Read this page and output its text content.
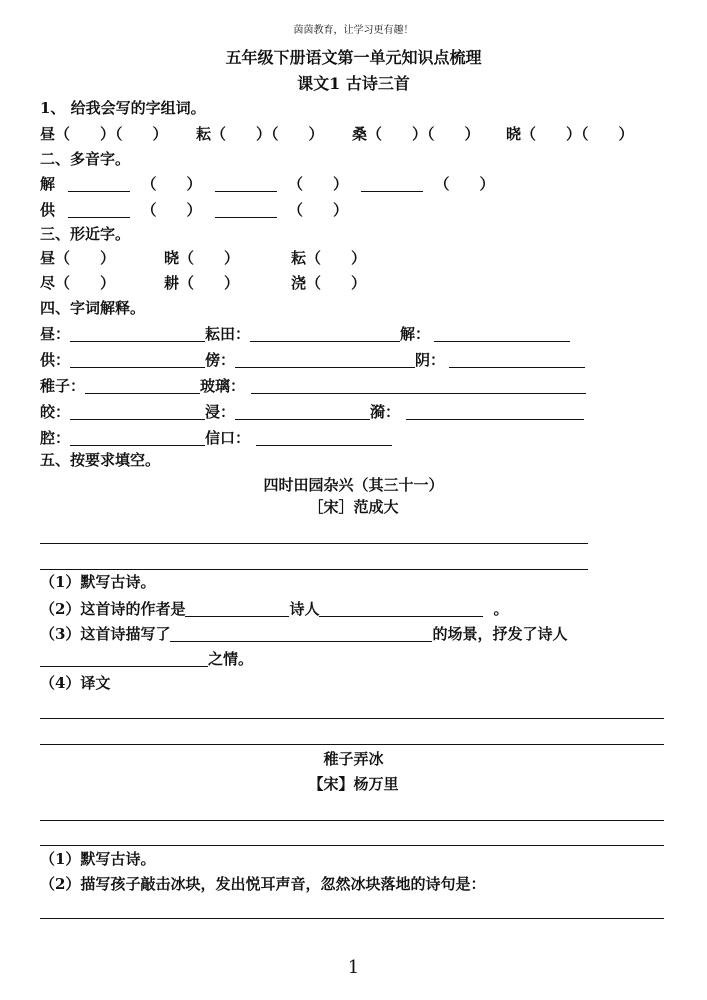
茵茵教育，让学习更有趣！
五年级下册语文第一单元知识点梳理
课文1 古诗三首
1、 给我会写的字组词。
昼（　　）（　　） 耘（　　）（　　） 桑（　　）（　　） 晓（　　）（　　）
二、多音字。
解	（　　）	（　　）	（　　）
供	（　　）	（　　）
三、形近字。
昼（　　）	晓（　　）	耘（　　）
尽（　　）	耕（　　）	浇（　　）
四、字词解释。
昼：	耘田：	解：
供：	傍：	阴：
稚子：	玻璃：
皎：	浸：	漪：
腔：	信口：
五、按要求填空。
四时田园杂兴（其三十一）
［宋］范成大
（1）默写古诗。
（2）这首诗的作者是	诗人	。
（3）这首诗描写了	的场景，抒发了诗人
之情。
（4）译文
稚子弄冰
【宋】杨万里
（1）默写古诗。
（2）描写孩子敲击冰块，发出悦耳声音，忽然冰块落地的诗句是：
1
